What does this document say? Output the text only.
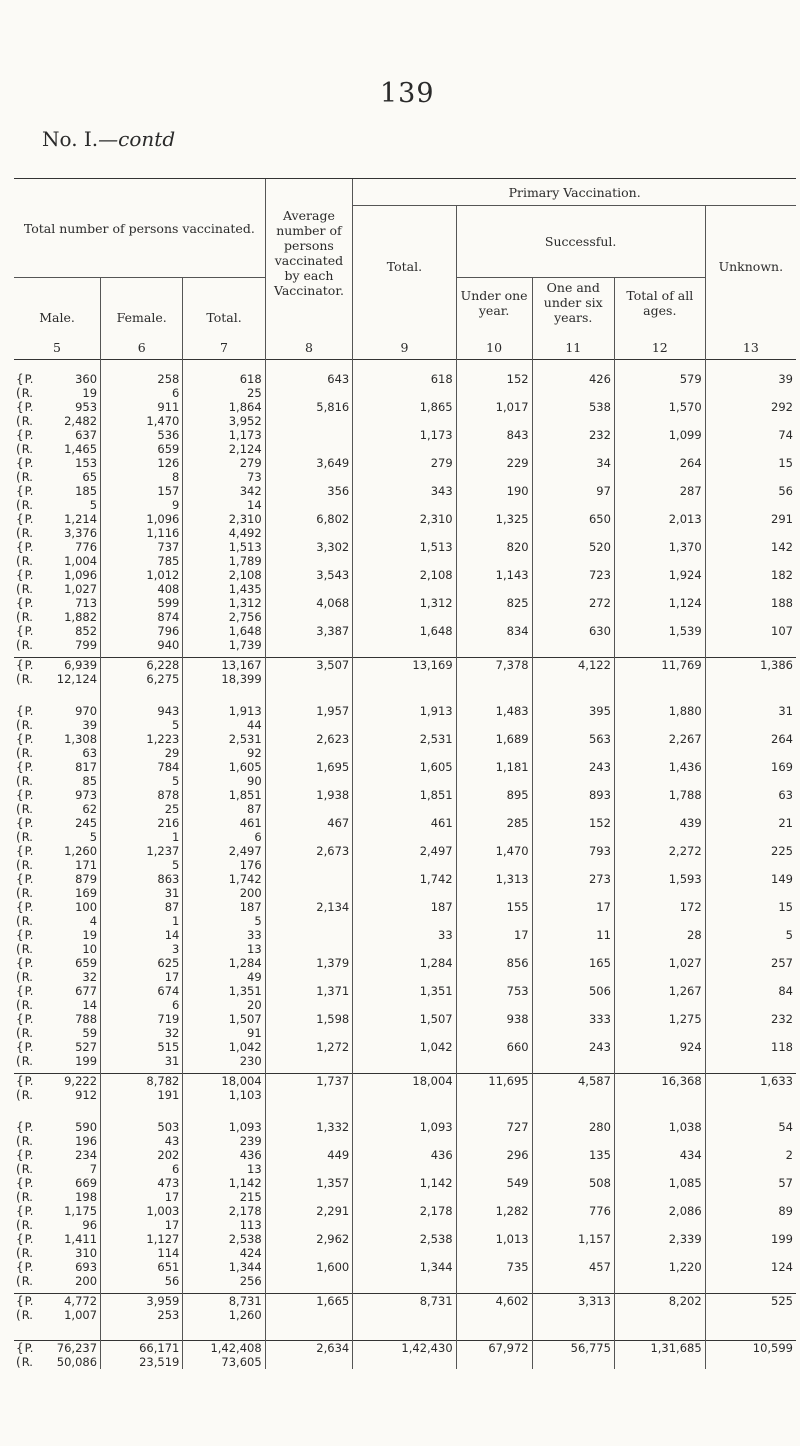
139
No. I.—contd
Total number of persons vaccinated.				Average number of persons vaccinated by each Vaccinator.	Primary Vaccination.				
					Total.	Successful.			Unknown.
Male.		Female.	Total.			Under one year.	One and under six years.	Total of all ages.	
5		6	7	8	9	10	11	12	13

{P.	360	258	618	643	618	152	426	579	39
(R.	19	6	25						
{P.	953	911	1,864	5,816	1,865	1,017	538	1,570	292
(R.	2,482	1,470	3,952						
{P.	637	536	1,173		1,173	843	232	1,099	74
(R.	1,465	659	2,124						
{P.	153	126	279	3,649	279	229	34	264	15
(R.	65	8	73						
{P.	185	157	342	356	343	190	97	287	56
(R.	5	9	14						
{P.	1,214	1,096	2,310	6,802	2,310	1,325	650	2,013	291
(R.	3,376	1,116	4,492						
{P.	776	737	1,513	3,302	1,513	820	520	1,370	142
(R.	1,004	785	1,789						
{P.	1,096	1,012	2,108	3,543	2,108	1,143	723	1,924	182
(R.	1,027	408	1,435						
{P.	713	599	1,312	4,068	1,312	825	272	1,124	188
(R.	1,882	874	2,756						
{P.	852	796	1,648	3,387	1,648	834	630	1,539	107
(R.	799	940	1,739						

{P.	6,939	6,228	13,167	3,507	13,169	7,378	4,122	11,769	1,386
(R.	12,124	6,275	18,399						

{P.	970	943	1,913	1,957	1,913	1,483	395	1,880	31
(R.	39	5	44						
{P.	1,308	1,223	2,531	2,623	2,531	1,689	563	2,267	264
(R.	63	29	92						
{P.	817	784	1,605	1,695	1,605	1,181	243	1,436	169
(R.	85	5	90						
{P.	973	878	1,851	1,938	1,851	895	893	1,788	63
(R.	62	25	87						
{P.	245	216	461	467	461	285	152	439	21
(R.	5	1	6						
{P.	1,260	1,237	2,497	2,673	2,497	1,470	793	2,272	225
(R.	171	5	176						
{P.	879	863	1,742		1,742	1,313	273	1,593	149
(R.	169	31	200						
{P.	100	87	187	2,134	187	155	17	172	15
(R.	4	1	5						
{P.	19	14	33		33	17	11	28	5
(R.	10	3	13						
{P.	659	625	1,284	1,379	1,284	856	165	1,027	257
(R.	32	17	49						
{P.	677	674	1,351	1,371	1,351	753	506	1,267	84
(R.	14	6	20						
{P.	788	719	1,507	1,598	1,507	938	333	1,275	232
(R.	59	32	91						
{P.	527	515	1,042	1,272	1,042	660	243	924	118
(R.	199	31	230						

{P.	9,222	8,782	18,004	1,737	18,004	11,695	4,587	16,368	1,633
(R.	912	191	1,103						

{P.	590	503	1,093	1,332	1,093	727	280	1,038	54
(R.	196	43	239						
{P.	234	202	436	449	436	296	135	434	2
(R.	7	6	13						
{P.	669	473	1,142	1,357	1,142	549	508	1,085	57
(R.	198	17	215						
{P.	1,175	1,003	2,178	2,291	2,178	1,282	776	2,086	89
(R.	96	17	113						
{P.	1,411	1,127	2,538	2,962	2,538	1,013	1,157	2,339	199
(R.	310	114	424						
{P.	693	651	1,344	1,600	1,344	735	457	1,220	124
(R.	200	56	256						

{P.	4,772	3,959	8,731	1,665	8,731	4,602	3,313	8,202	525
(R.	1,007	253	1,260						

{P.	76,237	66,171	1,42,408	2,634	1,42,430	67,972	56,775	1,31,685	10,599
(R.	50,086	23,519	73,605						
